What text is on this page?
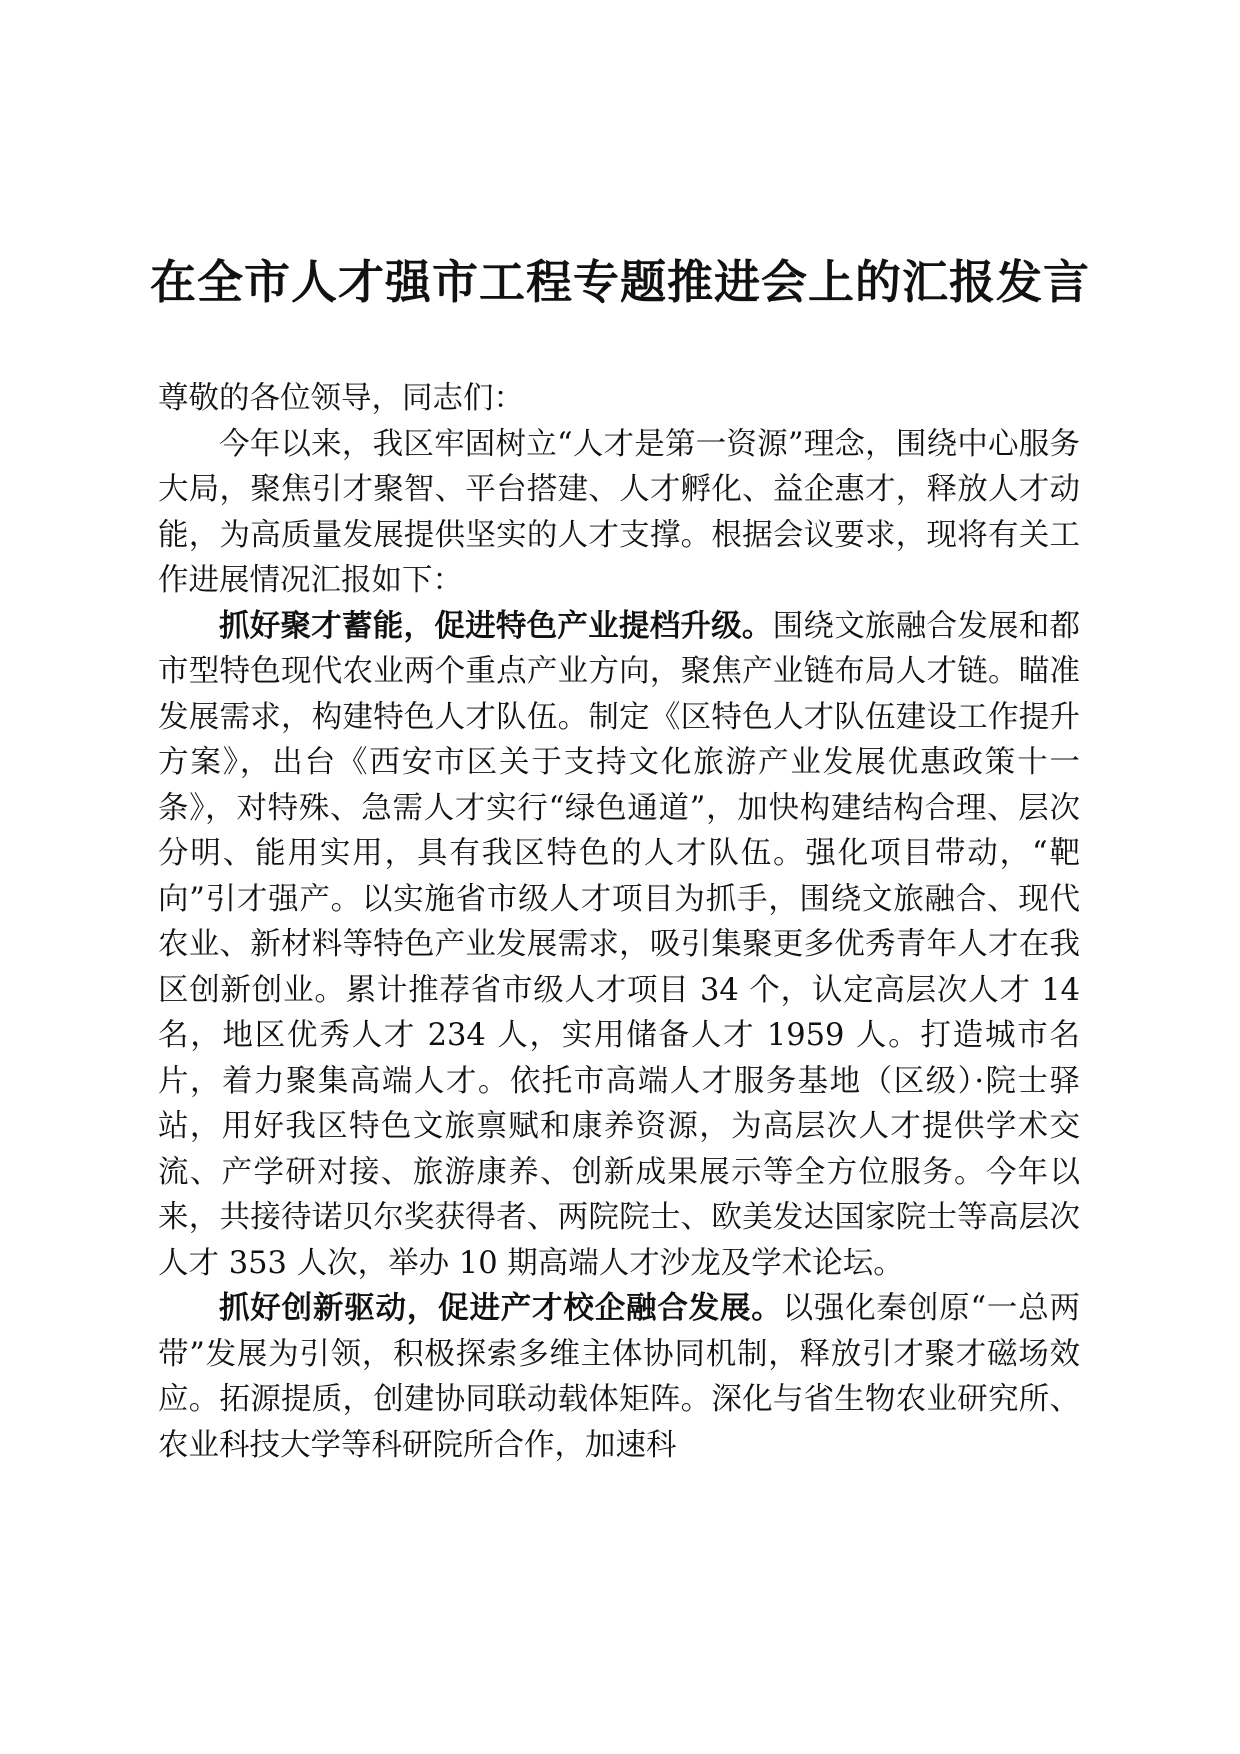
在全市人才强市工程专题推进会上的汇报发言

尊敬的各位领导，同志们：

今年以来，我区牢固树立“人才是第一资源”理念，围绕中心服务大局，聚焦引才聚智、平台搭建、人才孵化、益企惠才，释放人才动能，为高质量发展提供坚实的人才支撑。根据会议要求，现将有关工作进展情况汇报如下：

抓好聚才蓄能，促进特色产业提档升级。围绕文旅融合发展和都市型特色现代农业两个重点产业方向，聚焦产业链布局人才链。瞄准发展需求，构建特色人才队伍。制定《区特色人才队伍建设工作提升方案》，出台《西安市区关于支持文化旅游产业发展优惠政策十一条》，对特殊、急需人才实行“绿色通道”，加快构建结构合理、层次分明、能用实用，具有我区特色的人才队伍。强化项目带动，“靶向”引才强产。以实施省市级人才项目为抓手，围绕文旅融合、现代农业、新材料等特色产业发展需求，吸引集聚更多优秀青年人才在我区创新创业。累计推荐省市级人才项目 34 个，认定高层次人才 14 名，地区优秀人才 234 人，实用储备人才 1959 人。打造城市名片，着力聚集高端人才。依托市高端人才服务基地（区级）·院士驿站，用好我区特色文旅禀赋和康养资源，为高层次人才提供学术交流、产学研对接、旅游康养、创新成果展示等全方位服务。今年以来，共接待诺贝尔奖获得者、两院院士、欧美发达国家院士等高层次人才 353 人次，举办 10 期高端人才沙龙及学术论坛。

抓好创新驱动，促进产才校企融合发展。以强化秦创原“一总两带”发展为引领，积极探索多维主体协同机制，释放引才聚才磁场效应。拓源提质，创建协同联动载体矩阵。深化与省生物农业研究所、农业科技大学等科研院所合作，加速科
